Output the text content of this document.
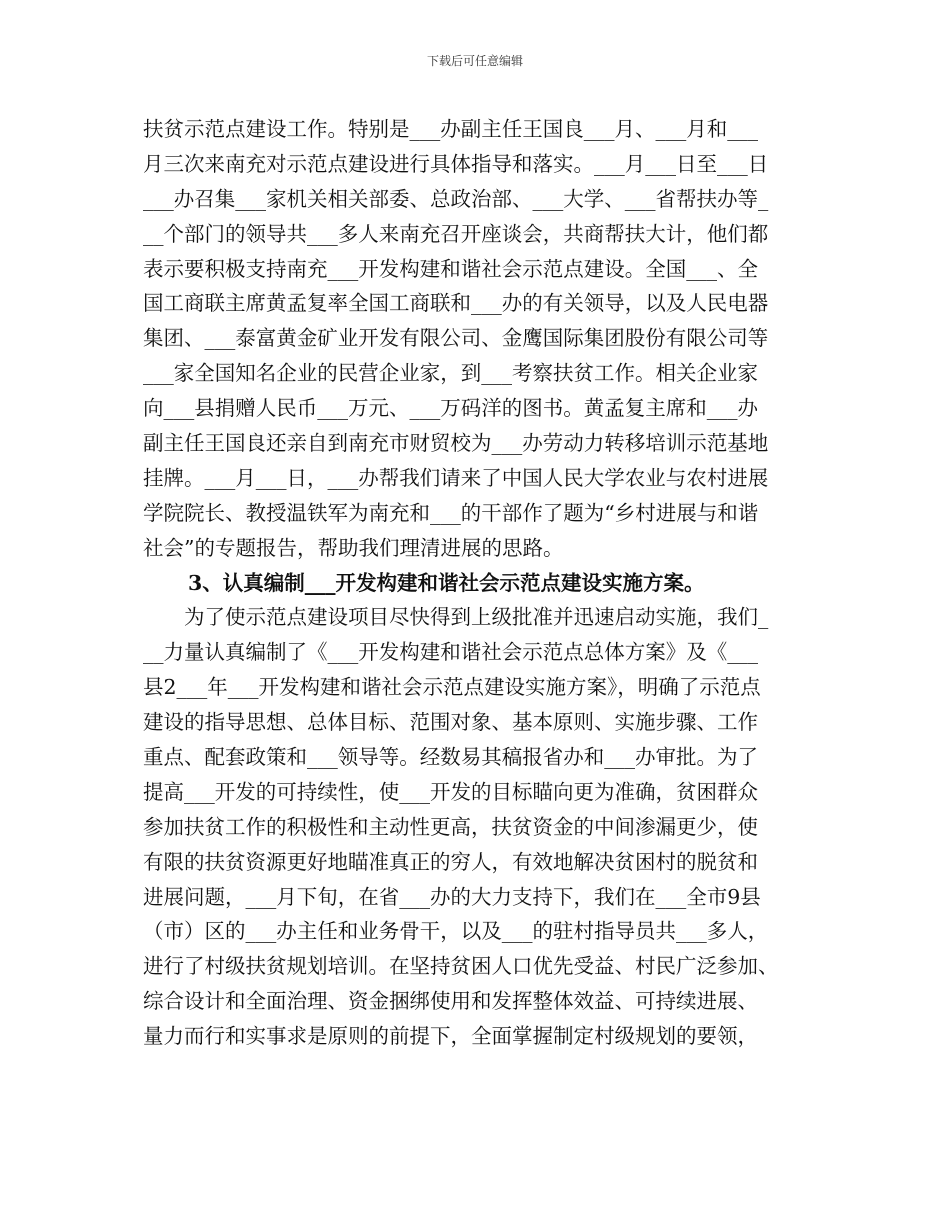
下载后可任意编辑
扶贫示范点建设工作。特别是___办副主任王国良___月、___月和___
月三次来南充对示范点建设进行具体指导和落实。___月___日至___日
___办召集___家机关相关部委、总政治部、___大学、___省帮扶办等_
__个部门的领导共___多人来南充召开座谈会，共商帮扶大计，他们都
表示要积极支持南充___开发构建和谐社会示范点建设。全国___、全
国工商联主席黄孟复率全国工商联和___办的有关领导，以及人民电器
集团、___泰富黄金矿业开发有限公司、金鹰国际集团股份有限公司等
___家全国知名企业的民营企业家，到___考察扶贫工作。相关企业家
向___县捐赠人民币___万元、___万码洋的图书。黄孟复主席和___办
副主任王国良还亲自到南充市财贸校为___办劳动力转移培训示范基地
挂牌。___月___日，___办帮我们请来了中国人民大学农业与农村进展
学院院长、教授温铁军为南充和___的干部作了题为“乡村进展与和谐
社会”的专题报告，帮助我们理清进展的思路。
3、认真编制___开发构建和谐社会示范点建设实施方案。
　　为了使示范点建设项目尽快得到上级批准并迅速启动实施，我们_
__力量认真编制了《___开发构建和谐社会示范点总体方案》及《___
县2___年___开发构建和谐社会示范点建设实施方案》，明确了示范点
建设的指导思想、总体目标、范围对象、基本原则、实施步骤、工作
重点、配套政策和___领导等。经数易其稿报省办和___办审批。为了
提高___开发的可持续性，使___开发的目标瞄向更为准确，贫困群众
参加扶贫工作的积极性和主动性更高，扶贫资金的中间渗漏更少，使
有限的扶贫资源更好地瞄准真正的穷人，有效地解决贫困村的脱贫和
进展问题，___月下旬，在省___办的大力支持下，我们在___全市9县
（市）区的___办主任和业务骨干，以及___的驻村指导员共___多人，
进行了村级扶贫规划培训。在坚持贫困人口优先受益、村民广泛参加、
综合设计和全面治理、资金捆绑使用和发挥整体效益、可持续进展、
量力而行和实事求是原则的前提下，全面掌握制定村级规划的要领，
